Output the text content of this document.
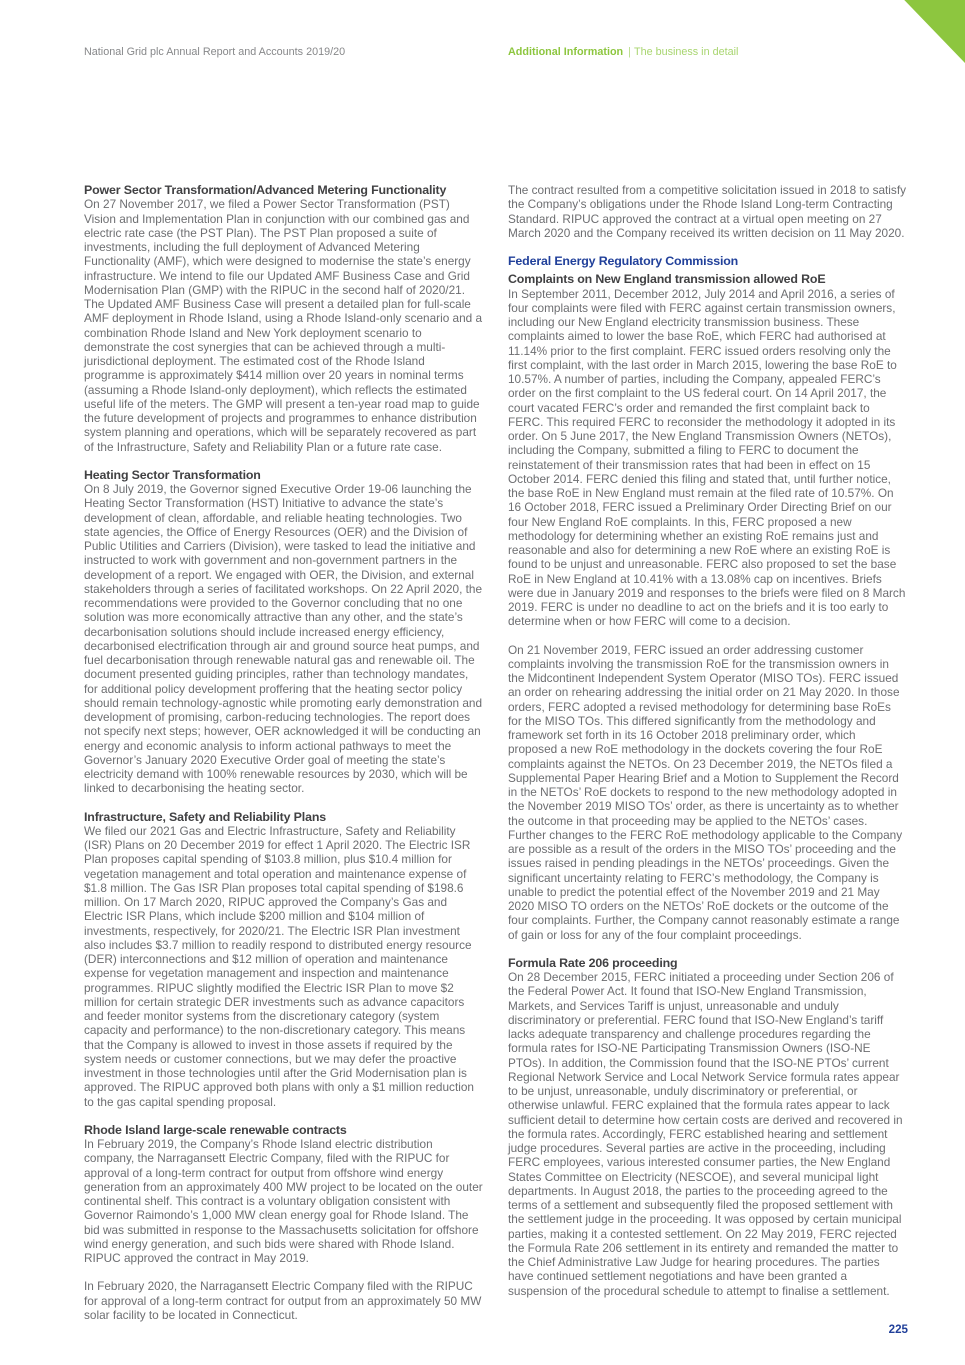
National Grid plc Annual Report and Accounts 2019/20	Additional Information | The business in detail
Power Sector Transformation/Advanced Metering Functionality

On 27 November 2017, we filed a Power Sector Transformation (PST) Vision and Implementation Plan in conjunction with our combined gas and electric rate case (the PST Plan). The PST Plan proposed a suite of investments, including the full deployment of Advanced Metering Functionality (AMF), which were designed to modernise the state’s energy infrastructure. We intend to file our Updated AMF Business Case and Grid Modernisation Plan (GMP) with the RIPUC in the second half of 2020/21. The Updated AMF Business Case will present a detailed plan for full-scale AMF deployment in Rhode Island, using a Rhode Island-only scenario and a combination Rhode Island and New York deployment scenario to demonstrate the cost synergies that can be achieved through a multi-jurisdictional deployment. The estimated cost of the Rhode Island programme is approximately $414 million over 20 years in nominal terms (assuming a Rhode Island-only deployment), which reflects the estimated useful life of the meters. The GMP will present a ten-year road map to guide the future development of projects and programmes to enhance distribution system planning and operations, which will be separately recovered as part of the Infrastructure, Safety and Reliability Plan or a future rate case.

Heating Sector Transformation

On 8 July 2019, the Governor signed Executive Order 19-06 launching the Heating Sector Transformation (HST) Initiative to advance the state’s development of clean, affordable, and reliable heating technologies. Two state agencies, the Office of Energy Resources (OER) and the Division of Public Utilities and Carriers (Division), were tasked to lead the initiative and instructed to work with government and non-government partners in the development of a report. We engaged with OER, the Division, and external stakeholders through a series of facilitated workshops. On 22 April 2020, the recommendations were provided to the Governor concluding that no one solution was more economically attractive than any other, and the state’s decarbonisation solutions should include increased energy efficiency, decarbonised electrification through air and ground source heat pumps, and fuel decarbonisation through renewable natural gas and renewable oil. The document presented guiding principles, rather than technology mandates, for additional policy development proffering that the heating sector policy should remain technology-agnostic while promoting early demonstration and development of promising, carbon-reducing technologies. The report does not specify next steps; however, OER acknowledged it will be conducting an energy and economic analysis to inform actional pathways to meet the Governor’s January 2020 Executive Order goal of meeting the state’s electricity demand with 100% renewable resources by 2030, which will be linked to decarbonising the heating sector.

Infrastructure, Safety and Reliability Plans

We filed our 2021 Gas and Electric Infrastructure, Safety and Reliability (ISR) Plans on 20 December 2019 for effect 1 April 2020. The Electric ISR Plan proposes capital spending of $103.8 million, plus $10.4 million for vegetation management and total operation and maintenance expense of $1.8 million. The Gas ISR Plan proposes total capital spending of $198.6 million. On 17 March 2020, RIPUC approved the Company’s Gas and Electric ISR Plans, which include $200 million and $104 million of investments, respectively, for 2020/21. The Electric ISR Plan investment also includes $3.7 million to readily respond to distributed energy resource (DER) interconnections and $12 million of operation and maintenance expense for vegetation management and inspection and maintenance programmes. RIPUC slightly modified the Electric ISR Plan to move $2 million for certain strategic DER investments such as advance capacitors and feeder monitor systems from the discretionary category (system capacity and performance) to the non-discretionary category. This means that the Company is allowed to invest in those assets if required by the system needs or customer connections, but we may defer the proactive investment in those technologies until after the Grid Modernisation plan is approved. The RIPUC approved both plans with only a $1 million reduction to the gas capital spending proposal.

Rhode Island large-scale renewable contracts

In February 2019, the Company’s Rhode Island electric distribution company, the Narragansett Electric Company, filed with the RIPUC for approval of a long-term contract for output from offshore wind energy generation from an approximately 400 MW project to be located on the outer continental shelf. This contract is a voluntary obligation consistent with Governor Raimondo’s 1,000 MW clean energy goal for Rhode Island. The bid was submitted in response to the Massachusetts solicitation for offshore wind energy generation, and such bids were shared with Rhode Island. RIPUC approved the contract in May 2019.

In February 2020, the Narragansett Electric Company filed with the RIPUC for approval of a long-term contract for output from an approximately 50 MW solar facility to be located in Connecticut.

The contract resulted from a competitive solicitation issued in 2018 to satisfy the Company’s obligations under the Rhode Island Long-term Contracting Standard. RIPUC approved the contract at a virtual open meeting on 27 March 2020 and the Company received its written decision on 11 May 2020.

Federal Energy Regulatory Commission
Complaints on New England transmission allowed RoE

In September 2011, December 2012, July 2014 and April 2016, a series of four complaints were filed with FERC against certain transmission owners, including our New England electricity transmission business. These complaints aimed to lower the base RoE, which FERC had authorised at 11.14% prior to the first complaint. FERC issued orders resolving only the first complaint, with the last order in March 2015, lowering the base RoE to 10.57%. A number of parties, including the Company, appealed FERC’s order on the first complaint to the US federal court. On 14 April 2017, the court vacated FERC’s order and remanded the first complaint back to FERC. This required FERC to reconsider the methodology it adopted in its order. On 5 June 2017, the New England Transmission Owners (NETOs), including the Company, submitted a filing to FERC to document the reinstatement of their transmission rates that had been in effect on 15 October 2014. FERC denied this filing and stated that, until further notice, the base RoE in New England must remain at the filed rate of 10.57%. On 16 October 2018, FERC issued a Preliminary Order Directing Brief on our four New England RoE complaints. In this, FERC proposed a new methodology for determining whether an existing RoE remains just and reasonable and also for determining a new RoE where an existing RoE is found to be unjust and unreasonable. FERC also proposed to set the base RoE in New England at 10.41% with a 13.08% cap on incentives. Briefs were due in January 2019 and responses to the briefs were filed on 8 March 2019. FERC is under no deadline to act on the briefs and it is too early to determine when or how FERC will come to a decision.

On 21 November 2019, FERC issued an order addressing customer complaints involving the transmission RoE for the transmission owners in the Midcontinent Independent System Operator (MISO TOs). FERC issued an order on rehearing addressing the initial order on 21 May 2020. In those orders, FERC adopted a revised methodology for determining base RoEs for the MISO TOs. This differed significantly from the methodology and framework set forth in its 16 October 2018 preliminary order, which proposed a new RoE methodology in the dockets covering the four RoE complaints against the NETOs. On 23 December 2019, the NETOs filed a Supplemental Paper Hearing Brief and a Motion to Supplement the Record in the NETOs’ RoE dockets to respond to the new methodology adopted in the November 2019 MISO TOs’ order, as there is uncertainty as to whether the outcome in that proceeding may be applied to the NETOs’ cases. Further changes to the FERC RoE methodology applicable to the Company are possible as a result of the orders in the MISO TOs’ proceeding and the issues raised in pending pleadings in the NETOs’ proceedings. Given the significant uncertainty relating to FERC’s methodology, the Company is unable to predict the potential effect of the November 2019 and 21 May 2020 MISO TO orders on the NETOs’ RoE dockets or the outcome of the four complaints. Further, the Company cannot reasonably estimate a range of gain or loss for any of the four complaint proceedings.

Formula Rate 206 proceeding

On 28 December 2015, FERC initiated a proceeding under Section 206 of the Federal Power Act. It found that ISO-New England Transmission, Markets, and Services Tariff is unjust, unreasonable and unduly discriminatory or preferential. FERC found that ISO-New England’s tariff lacks adequate transparency and challenge procedures regarding the formula rates for ISO-NE Participating Transmission Owners (ISO-NE PTOs). In addition, the Commission found that the ISO-NE PTOs’ current Regional Network Service and Local Network Service formula rates appear to be unjust, unreasonable, unduly discriminatory or preferential, or otherwise unlawful. FERC explained that the formula rates appear to lack sufficient detail to determine how certain costs are derived and recovered in the formula rates. Accordingly, FERC established hearing and settlement judge procedures. Several parties are active in the proceeding, including FERC employees, various interested consumer parties, the New England States Committee on Electricity (NESCOE), and several municipal light departments. In August 2018, the parties to the proceeding agreed to the terms of a settlement and subsequently filed the proposed settlement with the settlement judge in the proceeding. It was opposed by certain municipal parties, making it a contested settlement. On 22 May 2019, FERC rejected the Formula Rate 206 settlement in its entirety and remanded the matter to the Chief Administrative Law Judge for hearing procedures. The parties have continued settlement negotiations and have been granted a suspension of the procedural schedule to attempt to finalise a settlement.

225
